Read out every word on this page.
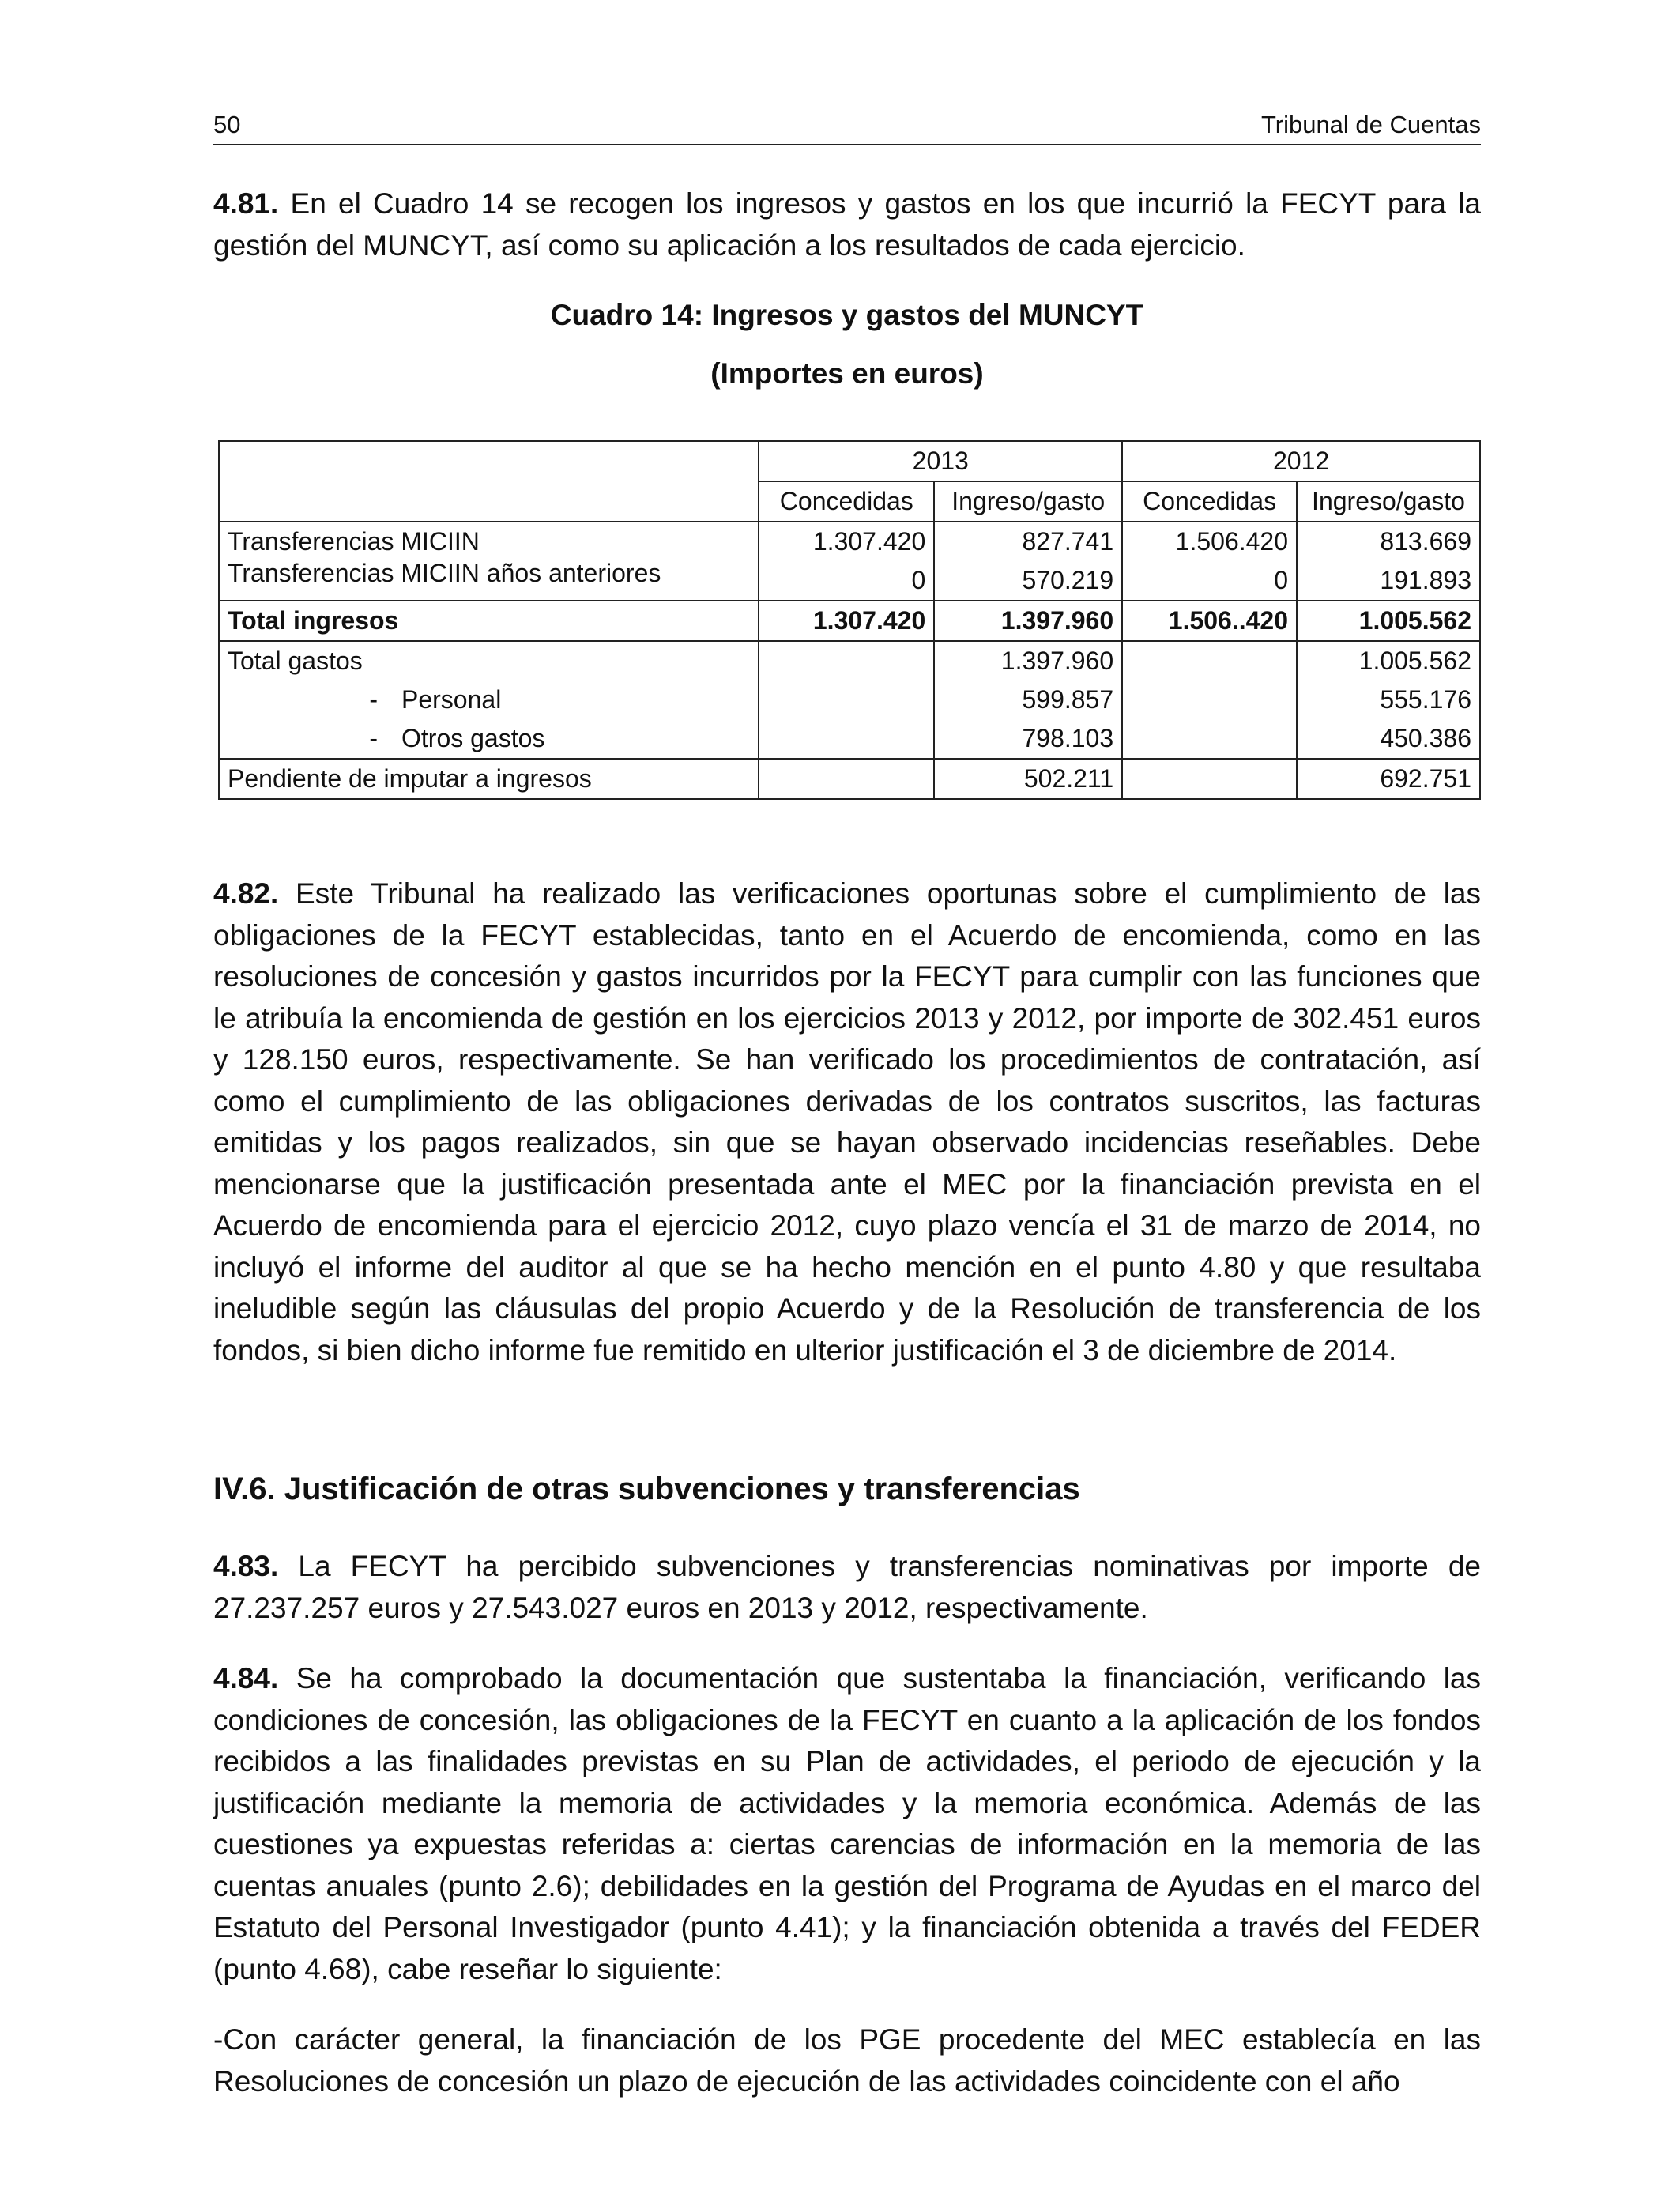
50	Tribunal de Cuentas
4.81. En el Cuadro 14 se recogen los ingresos y gastos en los que incurrió la FECYT para la gestión del MUNCYT, así como su aplicación a los resultados de cada ejercicio.
Cuadro 14: Ingresos y gastos del MUNCYT
(Importes en euros)
	2013		2012	
	Concedidas	Ingreso/gasto	Concedidas	Ingreso/gasto
Transferencias MICIIN	1.307.420	827.741	1.506.420	813.669
Transferencias MICIIN años anteriores	0	570.219	0	191.893
Total ingresos	1.307.420	1.397.960	1.506..420	1.005.562
Total gastos		1.397.960		1.005.562
- Personal		599.857		555.176
- Otros gastos		798.103		450.386
Pendiente de imputar a ingresos		502.211		692.751
4.82. Este Tribunal ha realizado las verificaciones oportunas sobre el cumplimiento de las obligaciones de la FECYT establecidas, tanto en el Acuerdo de encomienda, como en las resoluciones de concesión y gastos incurridos por la FECYT para cumplir con las funciones que le atribuía la encomienda de gestión en los ejercicios 2013 y 2012, por importe de 302.451 euros y 128.150 euros, respectivamente. Se han verificado los procedimientos de contratación, así como el cumplimiento de las obligaciones derivadas de los contratos suscritos, las facturas emitidas y los pagos realizados, sin que se hayan observado incidencias reseñables. Debe mencionarse que la justificación presentada ante el MEC por la financiación prevista en el Acuerdo de encomienda para el ejercicio 2012, cuyo plazo vencía el 31 de marzo de 2014, no incluyó el informe del auditor al que se ha hecho mención en el punto 4.80 y que resultaba ineludible según las cláusulas del propio Acuerdo y de la Resolución de transferencia de los fondos, si bien dicho informe fue remitido en ulterior justificación el 3 de diciembre de 2014.
IV.6. Justificación de otras subvenciones y transferencias
4.83. La FECYT ha percibido subvenciones y transferencias nominativas por importe de 27.237.257 euros y 27.543.027 euros en 2013 y 2012, respectivamente.
4.84. Se ha comprobado la documentación que sustentaba la financiación, verificando las condiciones de concesión, las obligaciones de la FECYT en cuanto a la aplicación de los fondos recibidos a las finalidades previstas en su Plan de actividades, el periodo de ejecución y la justificación mediante la memoria de actividades y la memoria económica. Además de las cuestiones ya expuestas referidas a: ciertas carencias de información en la memoria de las cuentas anuales (punto 2.6); debilidades en la gestión del Programa de Ayudas en el marco del Estatuto del Personal Investigador (punto 4.41); y la financiación obtenida a través del FEDER (punto 4.68), cabe reseñar lo siguiente:
-Con carácter general, la financiación de los PGE procedente del MEC establecía en las Resoluciones de concesión un plazo de ejecución de las actividades coincidente con el año
